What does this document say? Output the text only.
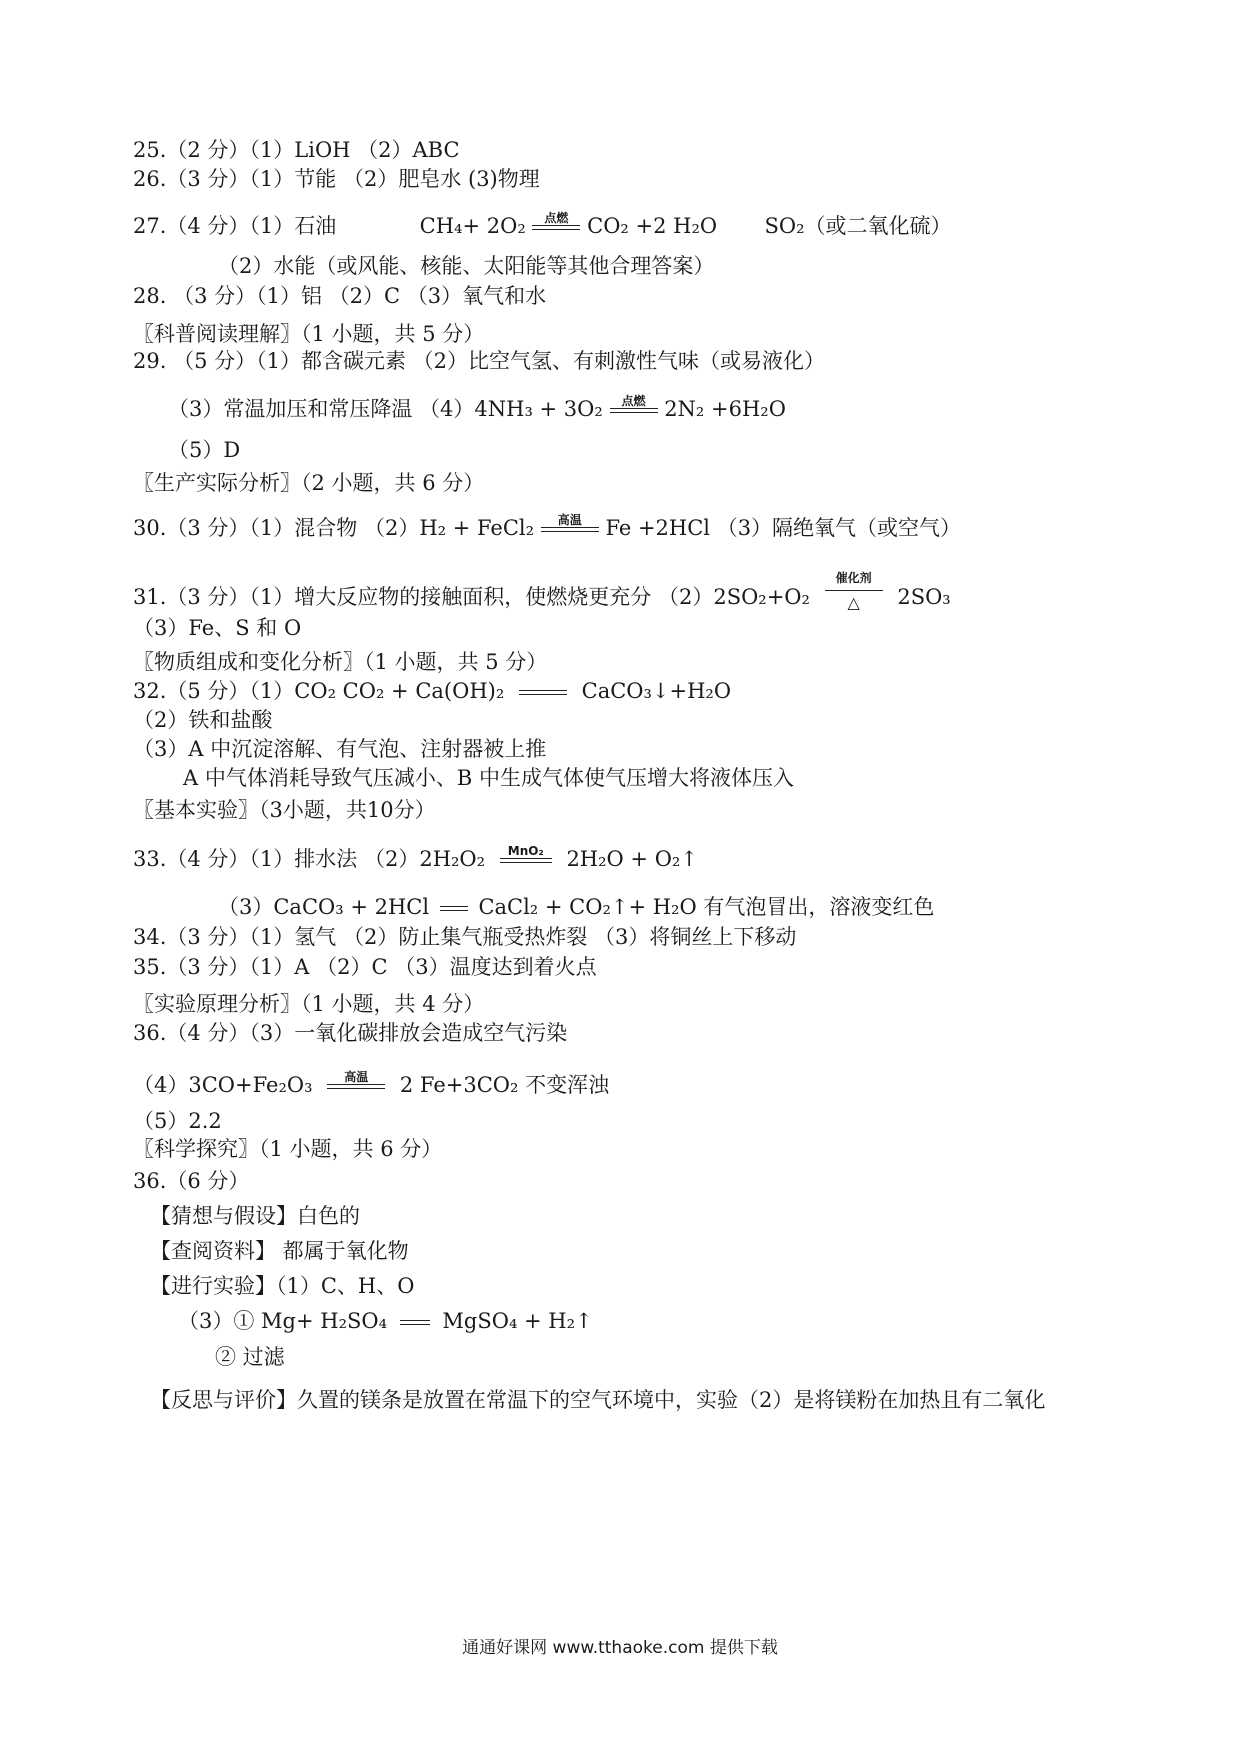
25.（2 分）（1）LiOH （2）ABC
26.（3 分）（1）节能 （2）肥皂水 (3)物理
27.（4 分）（1）石油	CH₄+ 2O₂	点燃 CO₂ +2 H₂O SO₂（或二氧化硫）
（2）水能（或风能、核能、太阳能等其他合理答案）
28. （3 分）（1）铝 （2）C （3）氧气和水
〖科普阅读理解〗（1 小题，共 5 分）
29. （5 分）（1）都含碳元素 （2）比空气氢、有刺激性气味（或易液化）
（3）常温加压和常压降温 （4）4NH₃ + 3O₂	点燃 2N₂ +6H₂O
（5）D
〖生产实际分析〗（2 小题，共 6 分）
30.（3 分）（1）混合物 （2）H₂ + FeCl₂	高温	Fe +2HCl （3）隔绝氧气（或空气）
31.（3 分）（1）增大反应物的接触面积，使燃烧更充分 （2）2SO₂+O₂
催化剂
△	2SO₃
（3）Fe、S 和 O
〖物质组成和变化分析〗（1 小题，共 5 分）
32.（5 分）（1）CO₂ CO₂ + Ca(OH)₂	CaCO₃↓+H₂O
（2）铁和盐酸
（3）A 中沉淀溶解、有气泡、注射器被上推
A 中气体消耗导致气压减小、B 中生成气体使气压增大将液体压入
〖基本实验〗（3小题，共10分）
33.（4 分）（1）排水法 （2）2H₂O₂	MnO₂	2H₂O + O₂↑
（3）CaCO₃ + 2HCl CaCl₂ + CO₂↑+ H₂O 有气泡冒出，溶液变红色
34.（3 分）（1）氢气 （2）防止集气瓶受热炸裂 （3）将铜丝上下移动
35.（3 分）（1）A （2）C （3）温度达到着火点
〖实验原理分析〗（1 小题，共 4 分）
36.（4 分）（3）一氧化碳排放会造成空气污染
（4）3CO+Fe₂O₃	高温	2 Fe+3CO₂ 不变浑浊
（5）2.2
〖科学探究〗（1 小题，共 6 分）
36.（6 分）
【猜想与假设】白色的
【查阅资料】 都属于氧化物
【进行实验】（1）C、H、O
（3）① Mg+ H₂SO₄	MgSO₄ + H₂↑
② 过滤
【反思与评价】久置的镁条是放置在常温下的空气环境中，实验（2）是将镁粉在加热且有二氧化
通通好课网 www.tthaoke.com 提供下载
